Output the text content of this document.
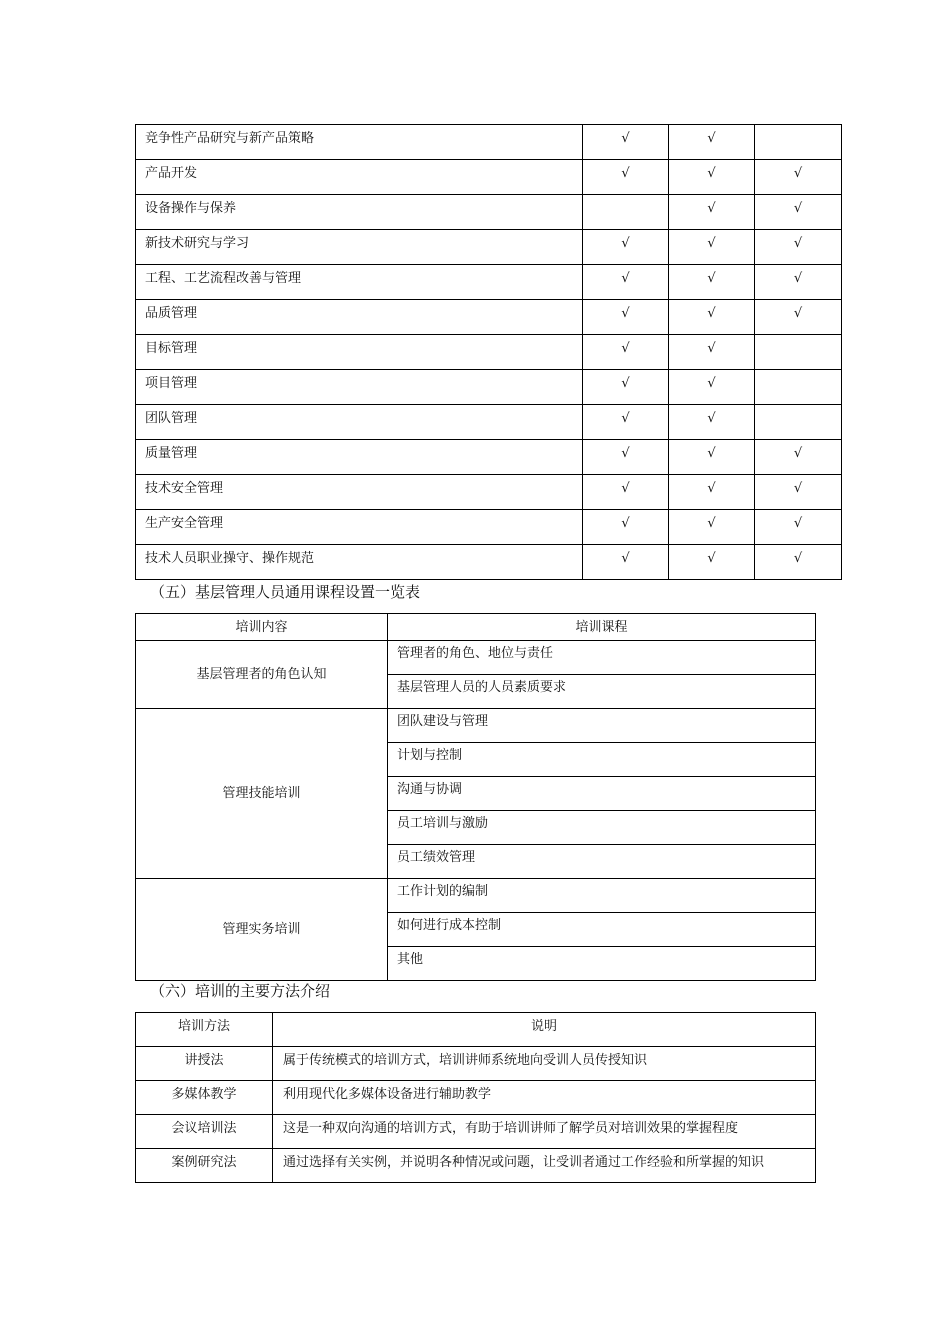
竞争性产品研究与新产品策略	√	√	
产品开发	√	√	√
设备操作与保养		√	√
新技术研究与学习	√	√	√
工程、工艺流程改善与管理	√	√	√
品质管理	√	√	√
目标管理	√	√	
项目管理	√	√	
团队管理	√	√	
质量管理	√	√	√
技术安全管理	√	√	√
生产安全管理	√	√	√
技术人员职业操守、操作规范	√	√	√
（五）基层管理人员通用课程设置一览表
培训内容	培训课程
基层管理者的角色认知	管理者的角色、地位与责任
	基层管理人员的人员素质要求
管理技能培训	团队建设与管理
	计划与控制
	沟通与协调
	员工培训与激励
	员工绩效管理
管理实务培训	工作计划的编制
	如何进行成本控制
	其他
（六）培训的主要方法介绍
培训方法	说明
讲授法	属于传统模式的培训方式，培训讲师系统地向受训人员传授知识
多媒体教学	利用现代化多媒体设备进行辅助教学
会议培训法	这是一种双向沟通的培训方式，有助于培训讲师了解学员对培训效果的掌握程度
案例研究法	通过选择有关实例，并说明各种情况或问题，让受训者通过工作经验和所掌握的知识
